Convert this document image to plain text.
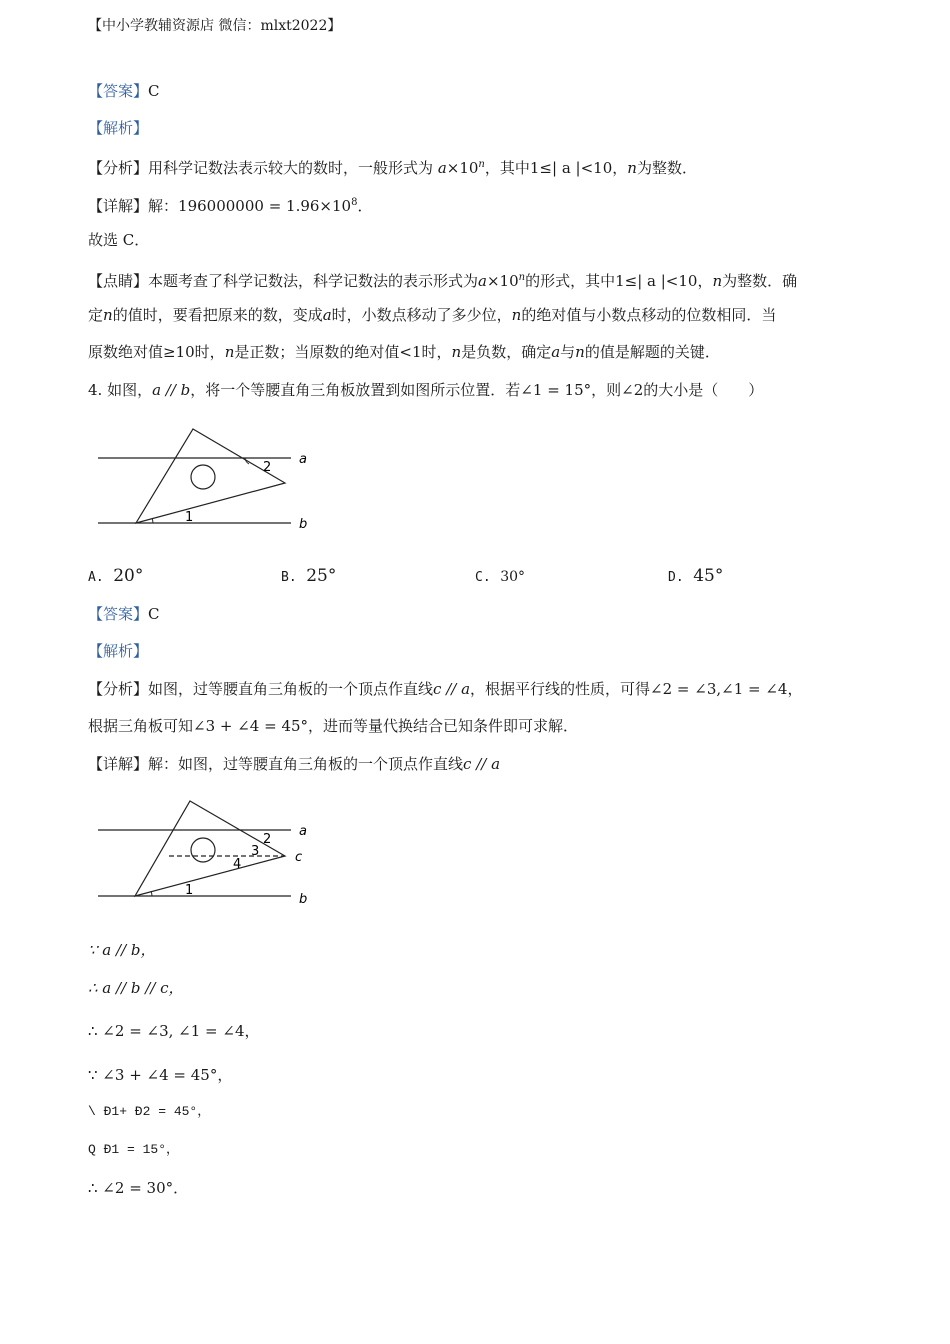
【中小学教辅资源店 微信：mlxt2022】
【答案】C
【解析】
【分析】用科学记数法表示较大的数时，一般形式为 $a\times 10^n$，其中1≤| a |<10，n为整数．
【详解】解：$196000000 = 1.96\times 10^8$．
故选 C．
【点睛】本题考查了科学记数法，科学记数法的表示形式为$a\times 10^n$的形式，其中1≤| a |<10，n为整数．确
定n的值时，要看把原来的数，变成a时，小数点移动了多少位，n的绝对值与小数点移动的位数相同．当
原数绝对值≥10时，n是正数；当原数的绝对值<1时，n是负数，确定a与n的值是解题的关键．
4. 如图，a // b，将一个等腰直角三角板放置到如图所示位置．若∠1 = 15°，则∠2的大小是（　　）
a
b
1
2
A. 20°	B. 25°	C. 30°	D. 45°
【答案】C
【解析】
【分析】如图，过等腰直角三角板的一个顶点作直线c // a，根据平行线的性质，可得∠2 = ∠3,∠1 = ∠4，
根据三角板可知∠3 + ∠4 = 45°，进而等量代换结合已知条件即可求解．
【详解】解：如图，过等腰直角三角板的一个顶点作直线c // a
c
a
b
1
2
3
4
∵ a // b，
∴ a // b // c，
∴ ∠2 = ∠3, ∠1 = ∠4，
∵ ∠3 + ∠4 = 45°，
\ Ð1+ Ð2 = 45°，
Q Ð1 = 15°，
∴ ∠2 = 30°．
